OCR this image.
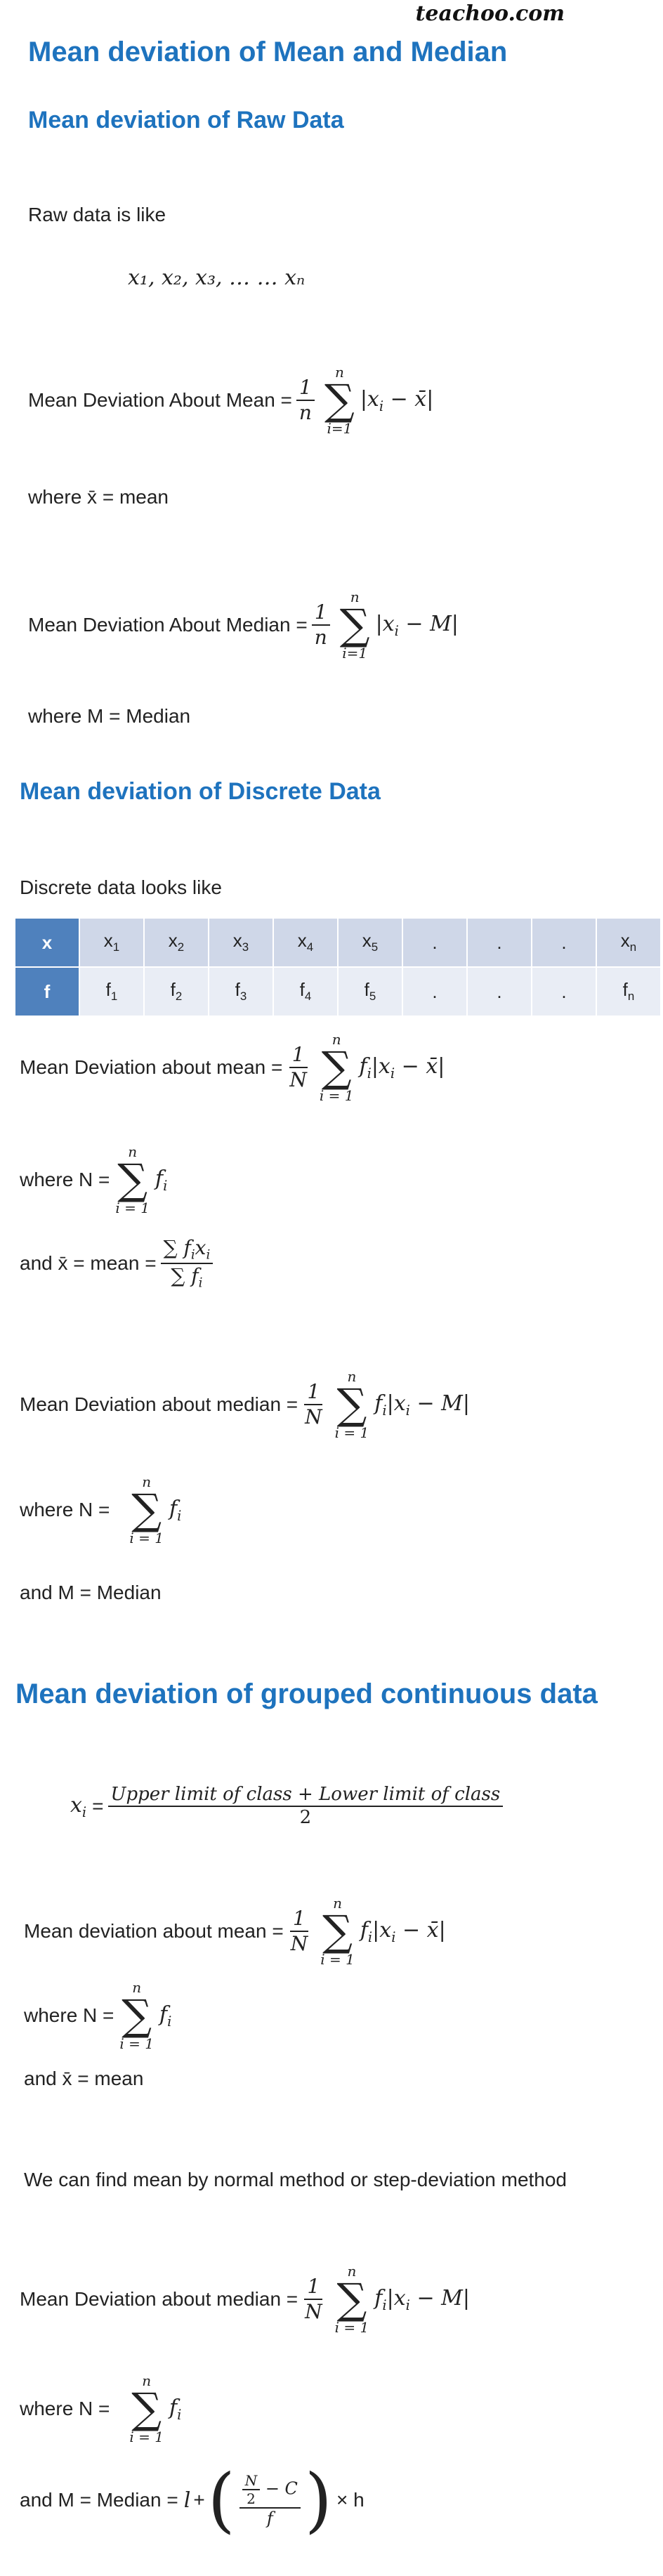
teachoo.com
Mean deviation of Mean and Median
Mean deviation of Raw Data
Raw data is like
x₁, x₂, x₃, … … xₙ
Mean Deviation About Mean = $\frac{1}{n}$
n
∑
i=1
$|x_i$ − x̄|
where x̄ = mean
Mean Deviation About Median = $\frac{1}{n}$
n
∑
i=1
$|x_i - M|$
where M = Median
Mean deviation of Discrete Data
Discrete data looks like
x	$x_1$	$x_2$	$x_3$	$x_4$	$x_5$	.	.	.	$x_n$
f	$f_1$	$f_2$	$f_3$	$f_4$	$f_5$	.	.	.	$f_n$
Mean Deviation about mean = $\frac{1}{N}$
n
∑
i = 1
$f_i|x_i$ − x̄|
where N =
n
∑
i = 1
$f_i$
and x̄ = mean = $\frac{\sum f_ix_i}{\sum f_i}$
Mean Deviation about median = $\frac{1}{N}$
n
∑
i = 1
$f_i|x_i - M|$
where N =
n
∑
i = 1
$f_i$
and M = Median
Mean deviation of grouped continuous data
$x_i = \frac{\text{Upper limit of class + Lower limit of class}}{2}$
Mean deviation about mean = $\frac{1}{N}$
n
∑
i = 1
$f_i|x_i$ − x̄|
where N =
n
∑
i = 1
$f_i$
and x̄ = mean
We can find mean by normal method or step-deviation method
Mean Deviation about median = $\frac{1}{N}$
n
∑
i = 1
$f_i|x_i - M|$
where N =
n
∑
i = 1
$f_i$
and M = Median = l + ( $\frac{\frac{N}{2} - C}{f}$ ) × h
